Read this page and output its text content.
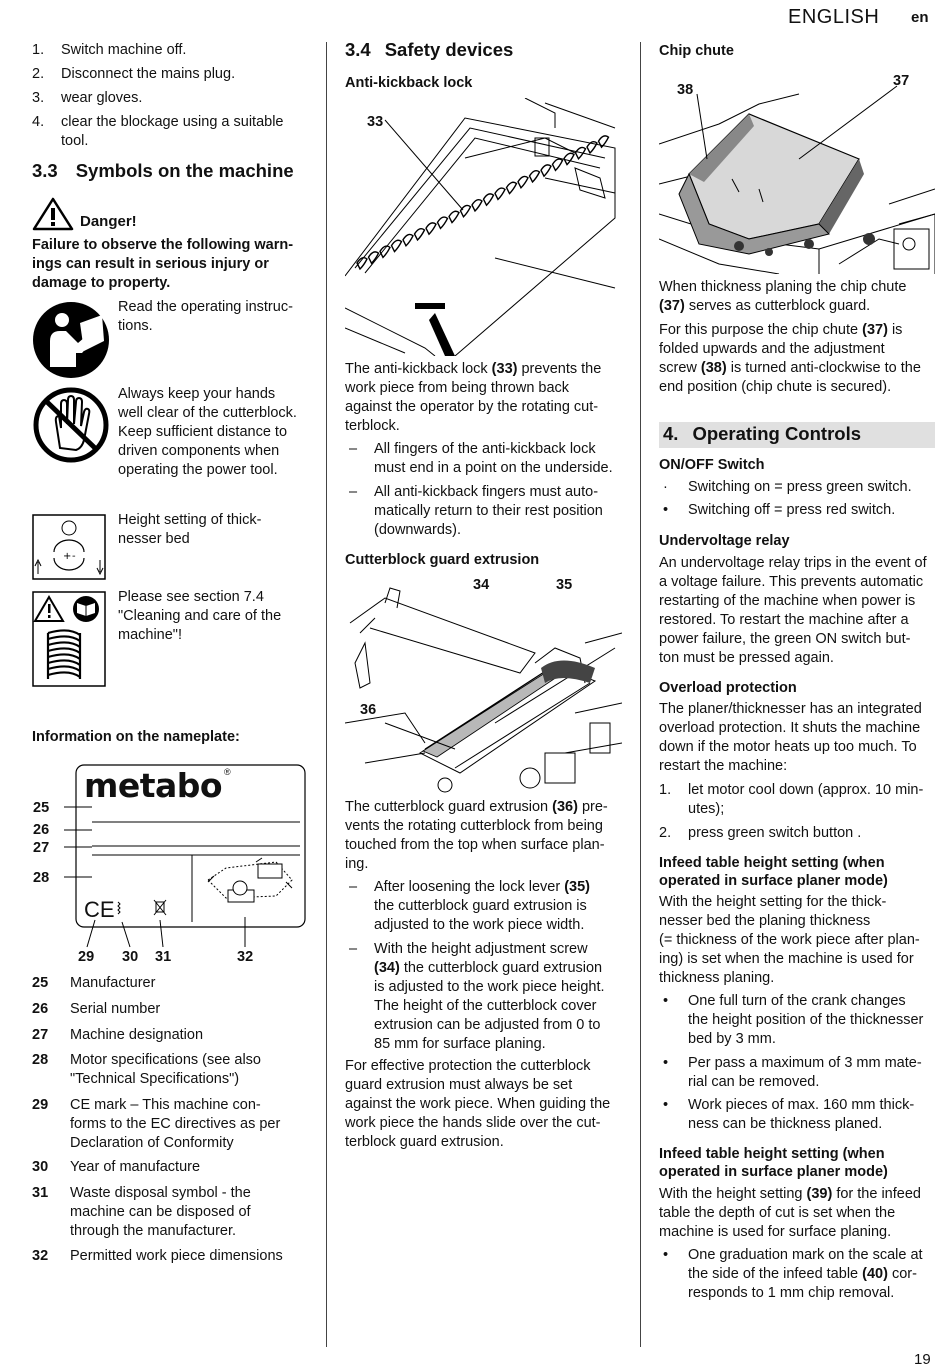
ENGLISH en
19
1. Switch machine off.
2. Disconnect the mains plug.
3. wear gloves.
4. clear the blockage using a suitable
tool.
3.3 Symbols on the machine
Danger!
Failure to observe the following warn-
ings can result in serious injury or
damage to property.
Read the operating instruc-
tions.
Always keep your hands
well clear of the cutterblock.
Keep sufficient distance to
driven components when
operating the power tool.
+ -
Height setting of thick-
nesser bed
Please see section 7.4
"Cleaning and care of the
machine"!
Information on the nameplate:
metabo ®
CE
25
26
27
28
29 30 31	32
25 Manufacturer
26 Serial number
27 Machine designation
28 Motor specifications (see also
"Technical Specifications")
29 CE mark – This machine con-
forms to the EC directives as per
Declaration of Conformity
30 Year of manufacture
31 Waste disposal symbol - the
machine can be disposed of
through the manufacturer.
32 Permitted work piece dimensions
3.4 Safety devices
Anti-kickback lock
33
The anti-kickback lock (33) prevents the
work piece from being thrown back
against the operator by the rotating cut-
terblock.
– All fingers of the anti-kickback lock
must end in a point on the underside.
– All anti-kickback fingers must auto-
matically return to their rest position
(downwards).
Cutterblock guard extrusion
34	35
36
The cutterblock guard extrusion (36) pre-
vents the rotating cutterblock from being
touched from the top when surface plan-
ing.
– After loosening the lock lever (35)
the cutterblock guard extrusion is
adjusted to the work piece width.
– With the height adjustment screw
(34) the cutterblock guard extrusion
is adjusted to the work piece height.
The height of the cutterblock cover
extrusion can be adjusted from 0 to
85 mm for surface planing.
For effective protection the cutterblock
guard extrusion must always be set
against the work piece. When guiding the
work piece the hands slide over the cut-
terblock guard extrusion.
Chip chute
38
37
When thickness planing the chip chute
(37) serves as cutterblock guard.
For this purpose the chip chute (37) is
folded upwards and the adjustment
screw (38) is turned anti-clockwise to the
end position (chip chute is secured).
4. Operating Controls
ON/OFF Switch
· Switching on = press green switch.
• Switching off = press red switch.
Undervoltage relay
An undervoltage relay trips in the event of
a voltage failure. This prevents automatic
restarting of the machine when power is
restored. To restart the machine after a
power failure, the green ON switch but-
ton must be pressed again.
Overload protection
The planer/thicknesser has an integrated
overload protection. It shuts the machine
down if the motor heats up too much. To
restart the machine:
1. let motor cool down (approx. 10 min-
utes);
2. press green switch button .
Infeed table height setting (when
operated in surface planer mode)
With the height setting for the thick-
nesser bed the planing thickness
(= thickness of the work piece after plan-
ing) is set when the machine is used for
thickness planing.
• One full turn of the crank changes
the height position of the thicknesser
bed by 3 mm.
• Per pass a maximum of 3 mm mate-
rial can be removed.
• Work pieces of max. 160 mm thick-
ness can be thickness planed.
Infeed table height setting (when
operated in surface planer mode)
With the height setting (39) for the infeed
table the depth of cut is set when the
machine is used for surface planing.
• One graduation mark on the scale at
the side of the infeed table (40) cor-
responds to 1 mm chip removal.
